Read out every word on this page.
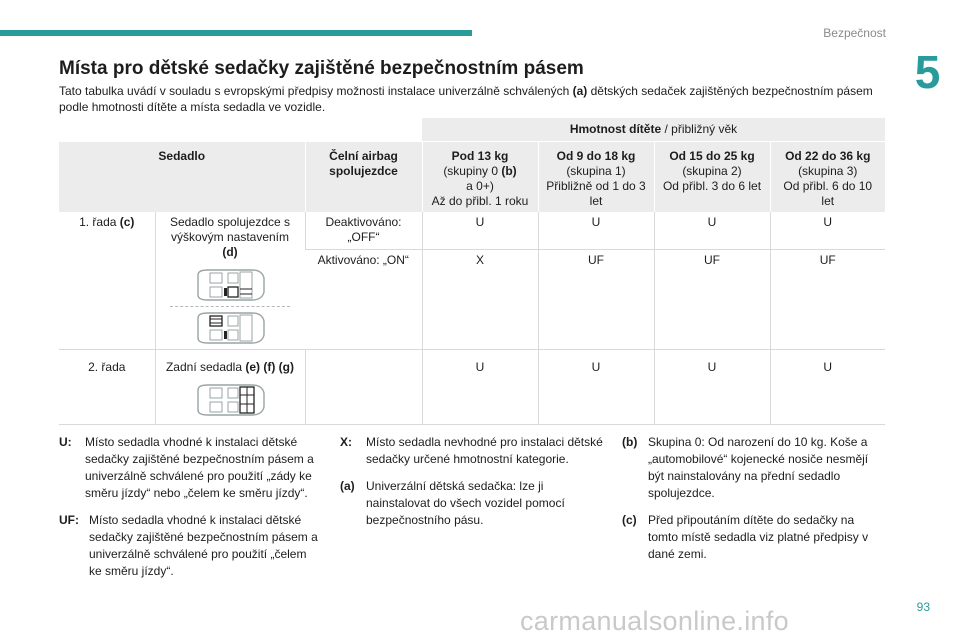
Bezpečnost
5
Místa pro dětské sedačky zajištěné bezpečnostním pásem

Tato tabulka uvádí v souladu s evropskými předpisy možnosti instalace univerzálně schválených (a) dětských sedaček zajištěných bezpečnostním pásem podle hmotnosti dítěte a místa sedadla ve vozidle.

			Hmotnost dítěte / přibližný věk			
Sedadlo		Čelní airbag spolujezdce	Pod 13 kg
(skupiny 0 (b)
a 0+)
Až do přibl. 1 roku	Od 9 do 18 kg
(skupina 1)
Přibližně od 1 do 3 let	Od 15 do 25 kg
(skupina 2)
Od přibl. 3 do 6 let	Od 22 do 36 kg
(skupina 3)
Od přibl. 6 do 10 let
1. řada (c)	Sedadlo spolujezdce s výškovým nastavením
(d)	Deaktivováno: „OFF“	U	U	U	U
		Aktivováno: „ON“	X	UF	UF	UF
2. řada	Zadní sedadla (e) (f) (g)		U	U	U	U
U:	Místo sedadla vhodné k instalaci dětské sedačky zajištěné bezpečnostním pásem a univerzálně schválené pro použití „zády ke směru jízdy“ nebo „čelem ke směru jízdy“.
UF: Místo sedadla vhodné k instalaci dětské sedačky zajištěné bezpečnostním pásem a univerzálně schválené pro použití „čelem ke směru jízdy“.
X:	Místo sedadla nevhodné pro instalaci dětské sedačky určené hmotnostní kategorie.
(a) Univerzální dětská sedačka: lze ji nainstalovat do všech vozidel pomocí bezpečnostního pásu.
(b) Skupina 0: Od narození do 10 kg. Koše a „automobilové“ kojenecké nosiče nesmějí být nainstalovány na přední sedadlo spolujezdce.
(c) Před připoutáním dítěte do sedačky na tomto místě sedadla viz platné předpisy v dané zemi.
93
carmanualsonline.info
